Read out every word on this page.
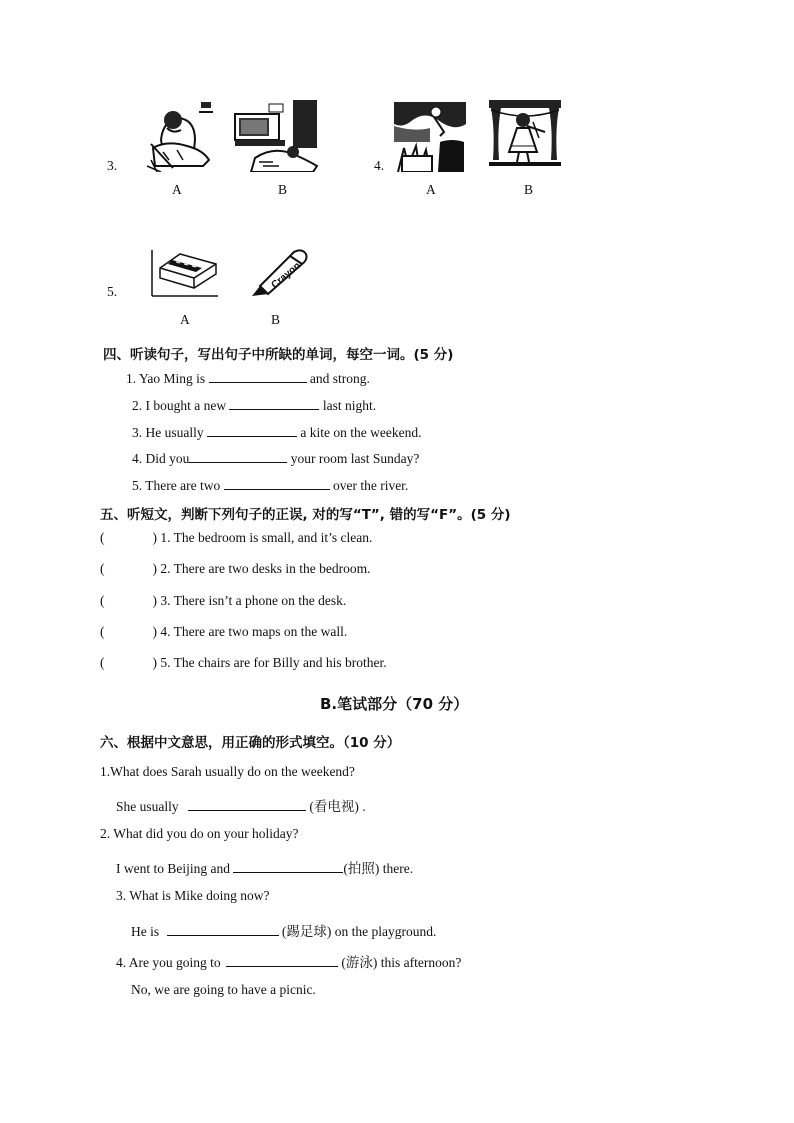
3.
A	B
4.
A	B
5.
Crayon
A	B
四、听读句子，写出句子中所缺的单词，每空一词。(5 分)
1. Yao Ming is	and strong.
2. I bought a new	last night.
3. He usually	a kite on the weekend.
4. Did you	your room last Sunday?
5. There are two	over the river.
五、听短文，判断下列句子的正误, 对的写“T”, 错的写“F”。(5 分)
(	) 1. The bedroom is small, and it’s clean.
(	) 2. There are two desks in the bedroom.
(	) 3. There isn’t a phone on the desk.
(	) 4. There are two maps on the wall.
(	) 5. The chairs are for Billy and his brother.
B.笔试部分（70 分）
六、根据中文意思，用正确的形式填空。（10 分）
1.What does Sarah usually do on the weekend?
She usually	(看电视) .
2. What did you do on your holiday?
I went to Beijing and	(拍照) there.
3. What is Mike doing now?
He is	(踢足球) on the playground.
4. Are you going to	(游泳) this afternoon?
No, we are going to have a picnic.
